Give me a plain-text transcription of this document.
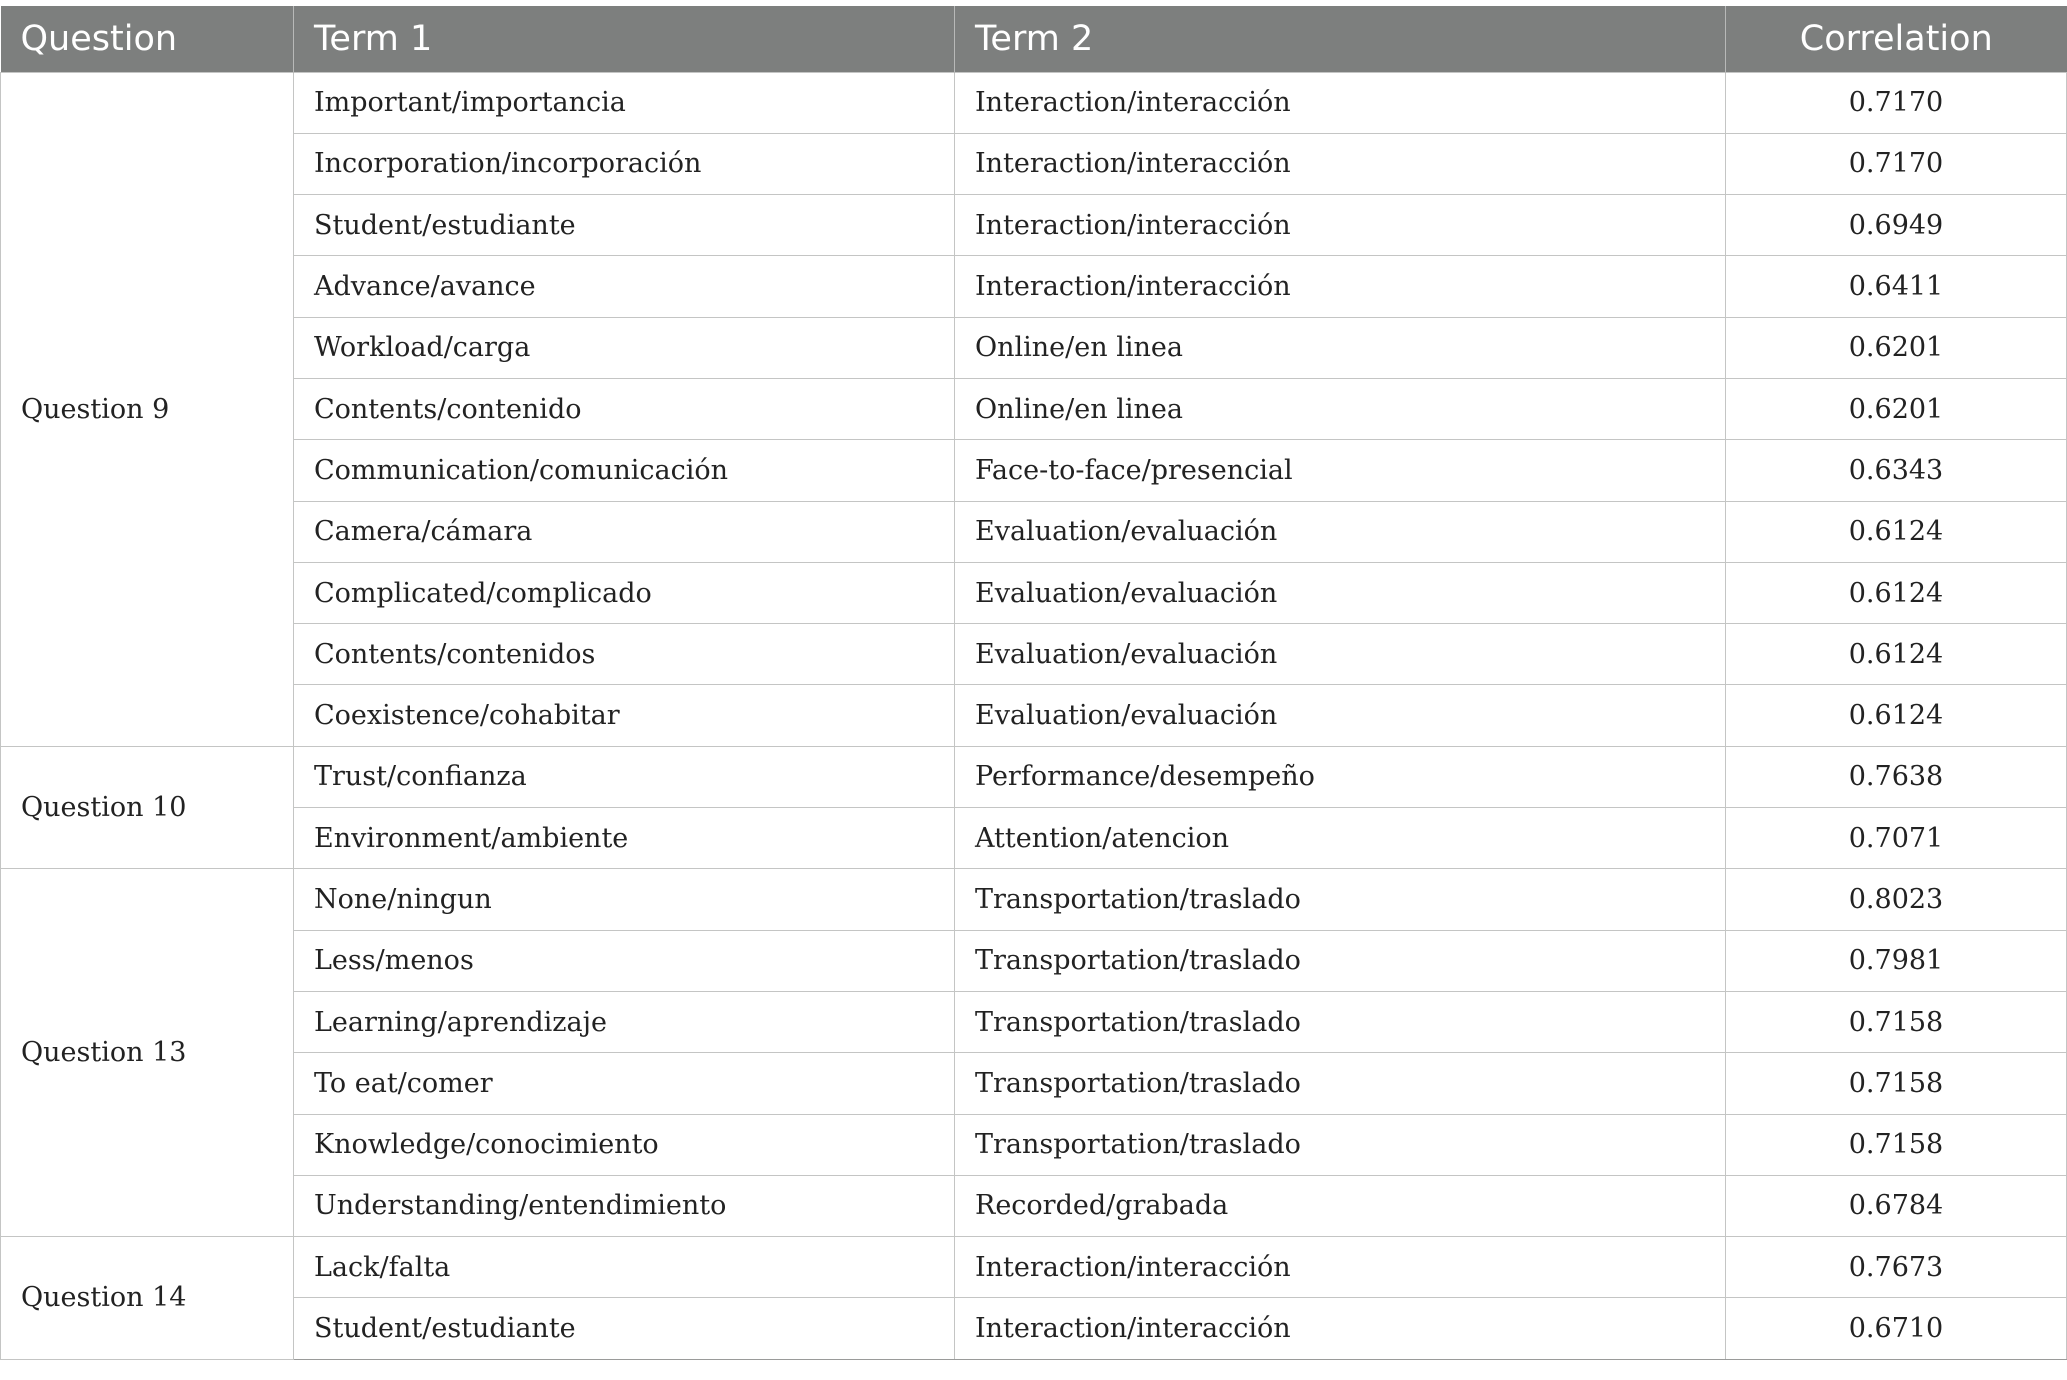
Question	Term 1	Term 2	Correlation
Question 9	Important/importancia	Interaction/interacción	0.7170
	Incorporation/incorporación	Interaction/interacción	0.7170
	Student/estudiante	Interaction/interacción	0.6949
	Advance/avance	Interaction/interacción	0.6411
	Workload/carga	Online/en linea	0.6201
	Contents/contenido	Online/en linea	0.6201
	Communication/comunicación	Face-to-face/presencial	0.6343
	Camera/cámara	Evaluation/evaluación	0.6124
	Complicated/complicado	Evaluation/evaluación	0.6124
	Contents/contenidos	Evaluation/evaluación	0.6124
	Coexistence/cohabitar	Evaluation/evaluación	0.6124
Question 10	Trust/confianza	Performance/desempeño	0.7638
	Environment/ambiente	Attention/atencion	0.7071
Question 13	None/ningun	Transportation/traslado	0.8023
	Less/menos	Transportation/traslado	0.7981
	Learning/aprendizaje	Transportation/traslado	0.7158
	To eat/comer	Transportation/traslado	0.7158
	Knowledge/conocimiento	Transportation/traslado	0.7158
	Understanding/entendimiento	Recorded/grabada	0.6784
Question 14	Lack/falta	Interaction/interacción	0.7673
	Student/estudiante	Interaction/interacción	0.6710
